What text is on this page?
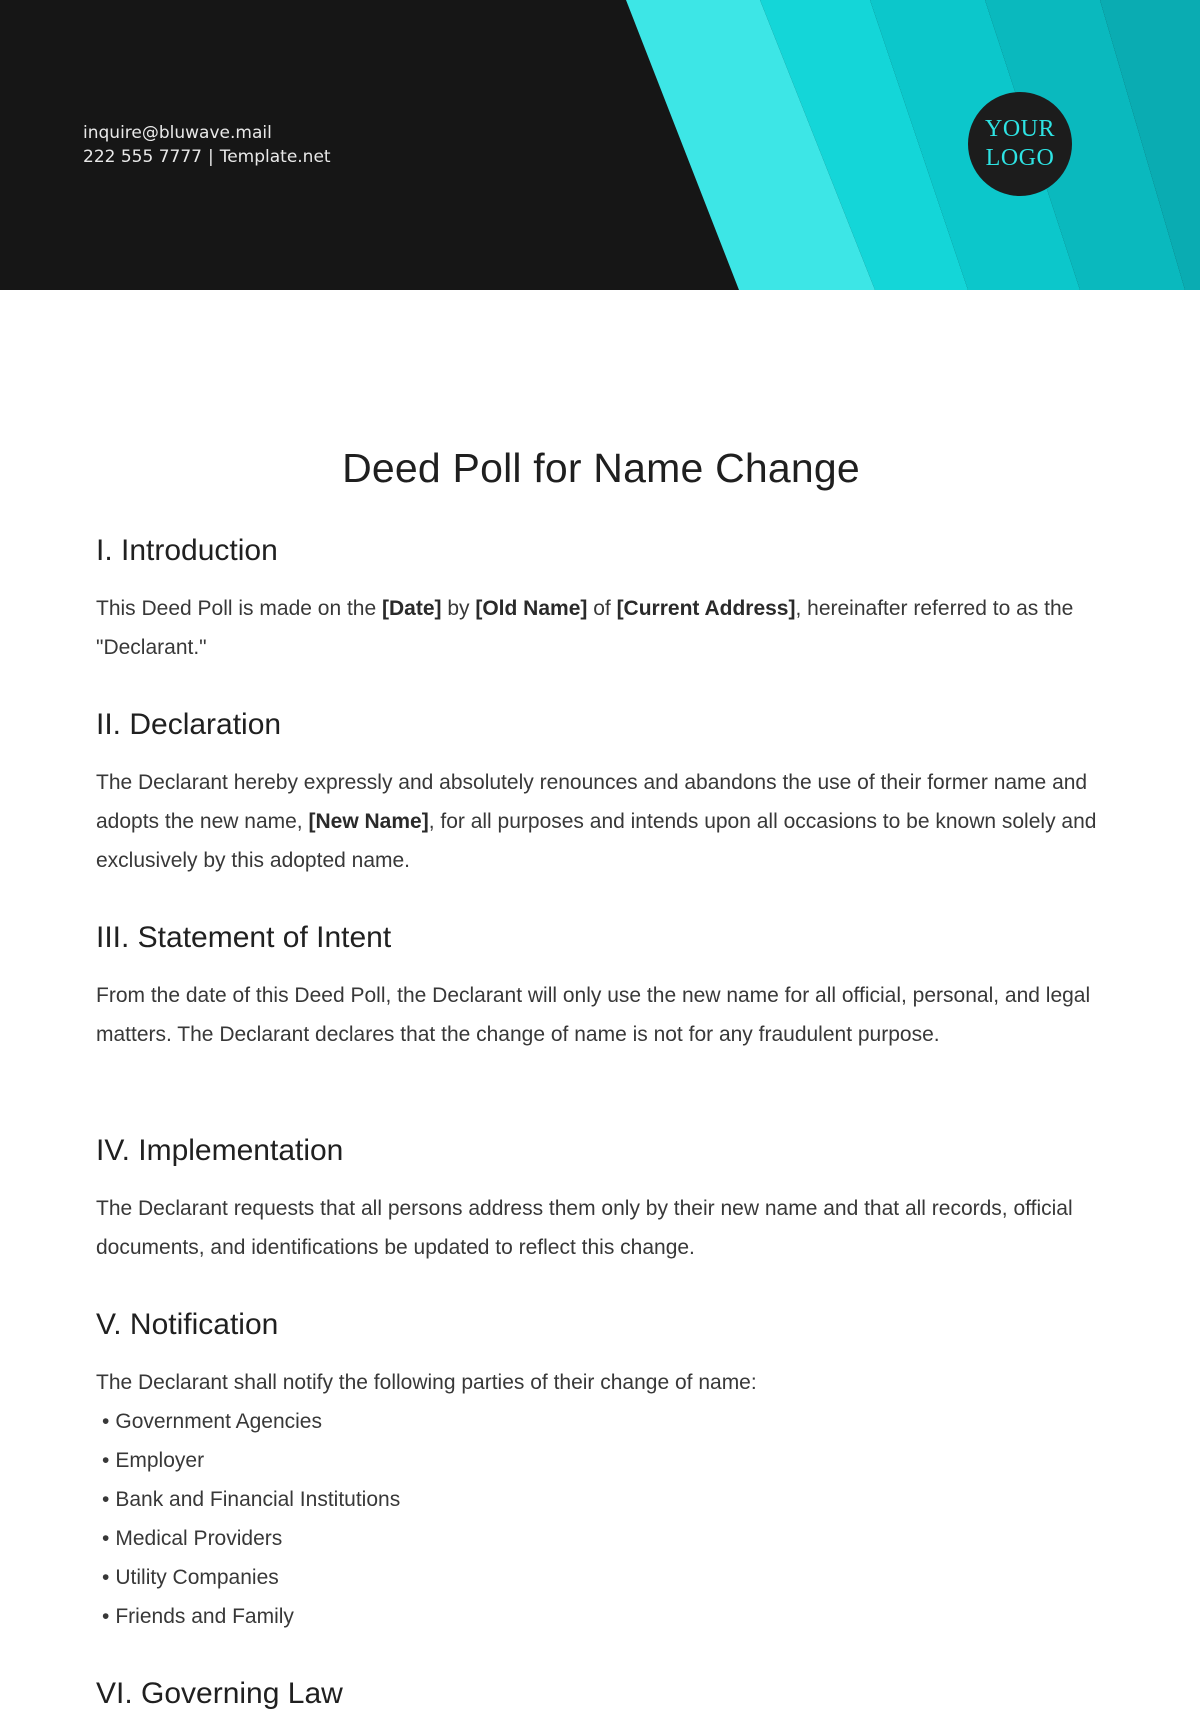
inquire@bluwave.mail
222 555 7777 | Template.net
YOUR
LOGO
Deed Poll for Name Change
I. Introduction

This Deed Poll is made on the [Date] by [Old Name] of [Current Address], hereinafter referred to as the "Declarant."

II. Declaration

The Declarant hereby expressly and absolutely renounces and abandons the use of their former name and adopts the new name, [New Name], for all purposes and intends upon all occasions to be known solely and exclusively by this adopted name.

III. Statement of Intent

From the date of this Deed Poll, the Declarant will only use the new name for all official, personal, and legal matters. The Declarant declares that the change of name is not for any fraudulent purpose.

IV. Implementation

The Declarant requests that all persons address them only by their new name and that all records, official documents, and identifications be updated to reflect this change.

V. Notification

The Declarant shall notify the following parties of their change of name:

• Government Agencies
• Employer
• Bank and Financial Institutions
• Medical Providers
• Utility Companies
• Friends and Family
VI. Governing Law
